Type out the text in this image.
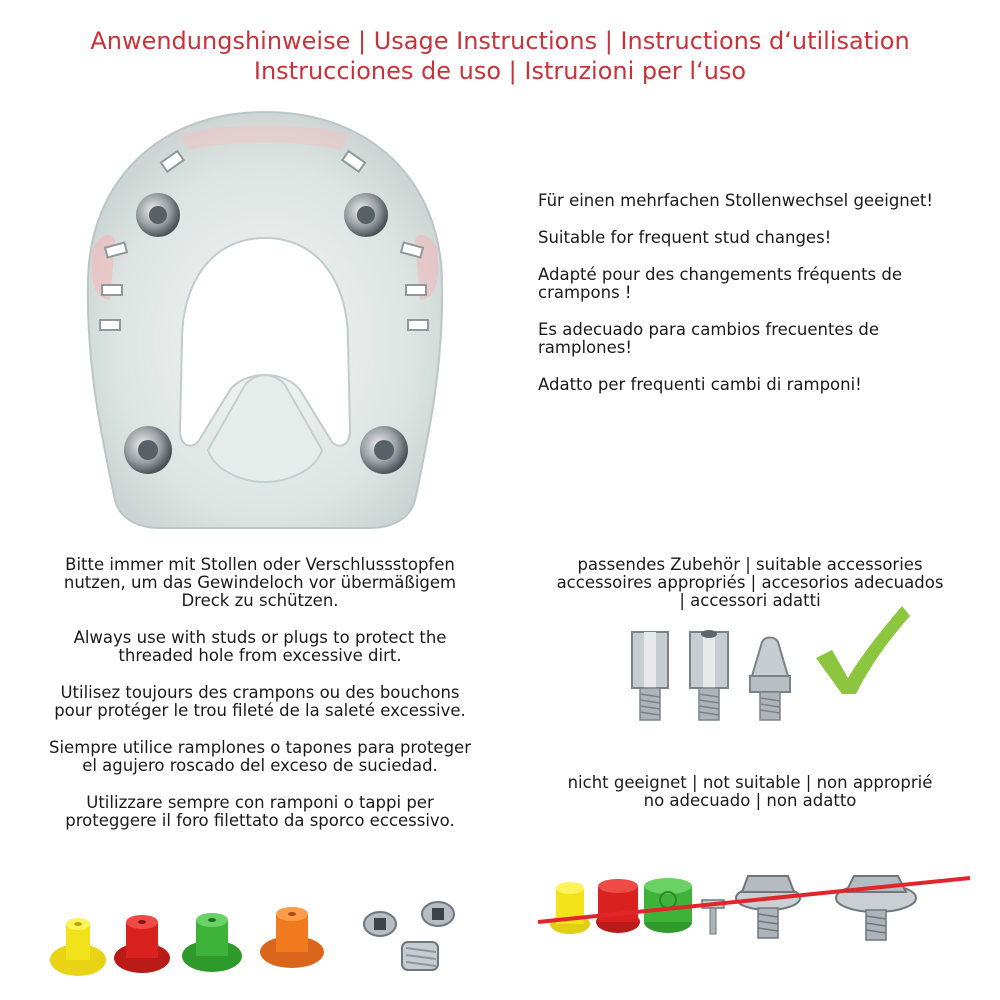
Anwendungshinweise | Usage Instructions | Instructions d‘utilisation
Instrucciones de uso | Istruzioni per l‘uso

Für einen mehrfachen Stollenwechsel geeignet!

Suitable for frequent stud changes!

Adapté pour des changements fréquents de crampons !

Es adecuado para cambios frecuentes de ramplones!

Adatto per frequenti cambi di ramponi!

Bitte immer mit Stollen oder Verschlussstopfen nutzen, um das Gewindeloch vor übermäßigem Dreck zu schützen.

Always use with studs or plugs to protect the threaded hole from excessive dirt.

Utilisez toujours des crampons ou des bouchons pour protéger le trou fileté de la saleté excessive.

Siempre utilice ramplones o tapones para proteger el agujero roscado del exceso de suciedad.

Utilizzare sempre con ramponi o tappi per proteggere il foro filettato da sporco eccessivo.

passendes Zubehör | suitable accessories
accessoires appropriés | accesorios adecuados
| accessori adatti
nicht geeignet | not suitable | non approprié
no adecuado | non adatto
